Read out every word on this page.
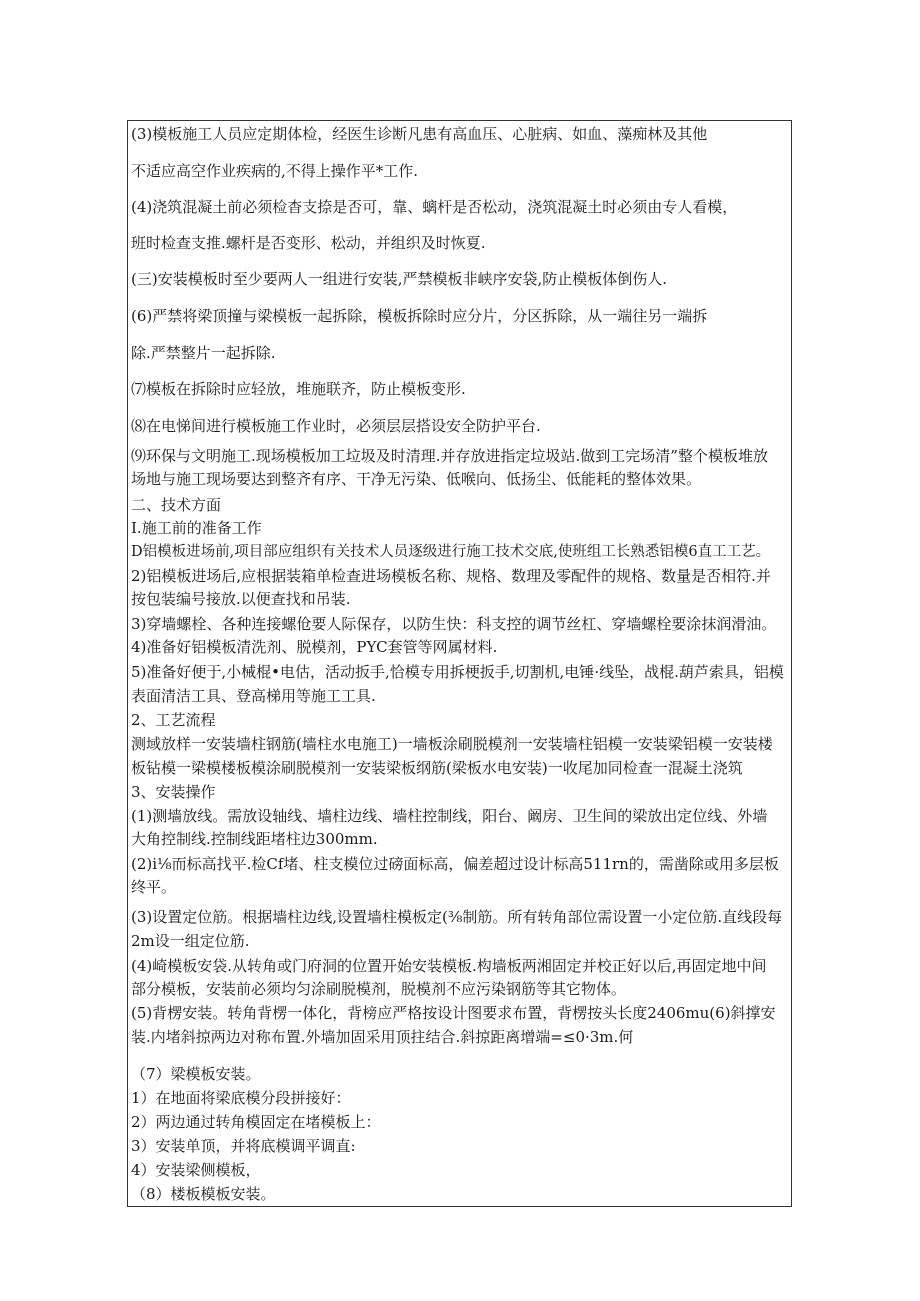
(3)模板施工人员应定期体检，经医生诊断凡患有高血压、心脏病、如血、藻痴林及其他
不适应高空作业疾病的,不得上操作平*工作.
(4)浇筑混凝土前必须检杳支捺是否可，靠、螭杆是否松动，浇筑混凝土时必须由专人看模，
班时检查支推.螺杆是否变形、松动，并组织及时恢夏.
(三)安装模板时至少要两人一组进行安装,严禁模板非峡序安袋,防止模板体倒伤人.
(6)严禁将梁顶撞与梁模板一起拆除，模板拆除时应分片，分区拆除，从一端往另一端拆
除.严禁整片一起拆除.
⑺模板在拆除时应轻放，堆施联齐，防止模板变形.
⑻在电悌间进行模板施工作业时，必须层层搭设安全防护平台.
⑼环保与文明施工.现场模板加工垃圾及时清理.并存放进指定垃圾站.做到工完场清”整个模板堆放
场地与施工现场要达到整齐有序、干净无污染、低喉向、低扬尘、低能耗的整体效果。
二、技术方面
I.施工前的准备工作
D铝模板进场前,项目部应组织有关技术人员逐级进行施工技术交底,使班组工长熟悉铝模6直工工艺。
2)铝模板进场后,应根据装箱单检查进场模板名称、规格、数理及零配件的规格、数量是否相符.并
按包装编号接放.以便查找和吊装.
3)穿墙螺栓、各种连接螺伧要人际保存，以防生快：科支控的调节丝杠、穿墙螺栓要涂抹润滑油。
4)准备好铝模板清洗剂、脱模剂，PYC套管等网属材料.
5)准备好便于,小械棍•电估，活动扳手,恰模专用拆梗扳手,切割机,电锤·线坠，战棍.葫芦索具，铝模
表面清洁工具、登高梯用等施工工具.
2、工艺流程
测域放样一安装墙柱钢筋(墙柱水电施工)一墙板涂刷脱模剂一安装墙柱铝模一安装梁铝模一安装楼
板钻模一梁模楼板模涂刷脱模剂一安装梁板纲筋(梁板水电安装)一收尾加同检查一混凝土浇筑
3、安装操作
(1)测墙放线。需放设轴线、墙柱边线、墙柱控制线，阳台、阚房、卫生间的梁放出定位线、外墙
大角控制线.控制线距堵柱边300mm.
(2)i⅛而标高找平.检Cf堵、柱支模位过磅面标高，偏差超过设计标高511rn的，需凿除或用多层板
终平。
(3)设置定位筋。根据墙柱边线,设置墙柱模板定(⅜制筋。所有转角部位需设置一小定位筋.直线段每
2m设一组定位筋.
(4)崎模板安袋.从转角或门府洞的位置开始安装模板.构墙板两湘固定并校正好以后,再固定地中间
部分模板，安装前必须均匀涂刷脱模剂，脱模剂不应污染钢筋等其它物体。
(5)背楞安装。转角背楞一体化，背榜应严格按设计图要求布置，背楞按头长度2406mu(6)斜撑安
装.内堵斜掠两边对称布置.外墙加固采用顶拄结合.斜掠距离增端=≤0·3m.何
（7）梁模板安装。
1）在地面将梁底模分段拼接好：
2）两边通过转角模固定在堵模板上：
3）安装单顶，并将底模调平调直:
4）安装梁侧模板，
（8）楼板模板安装。
